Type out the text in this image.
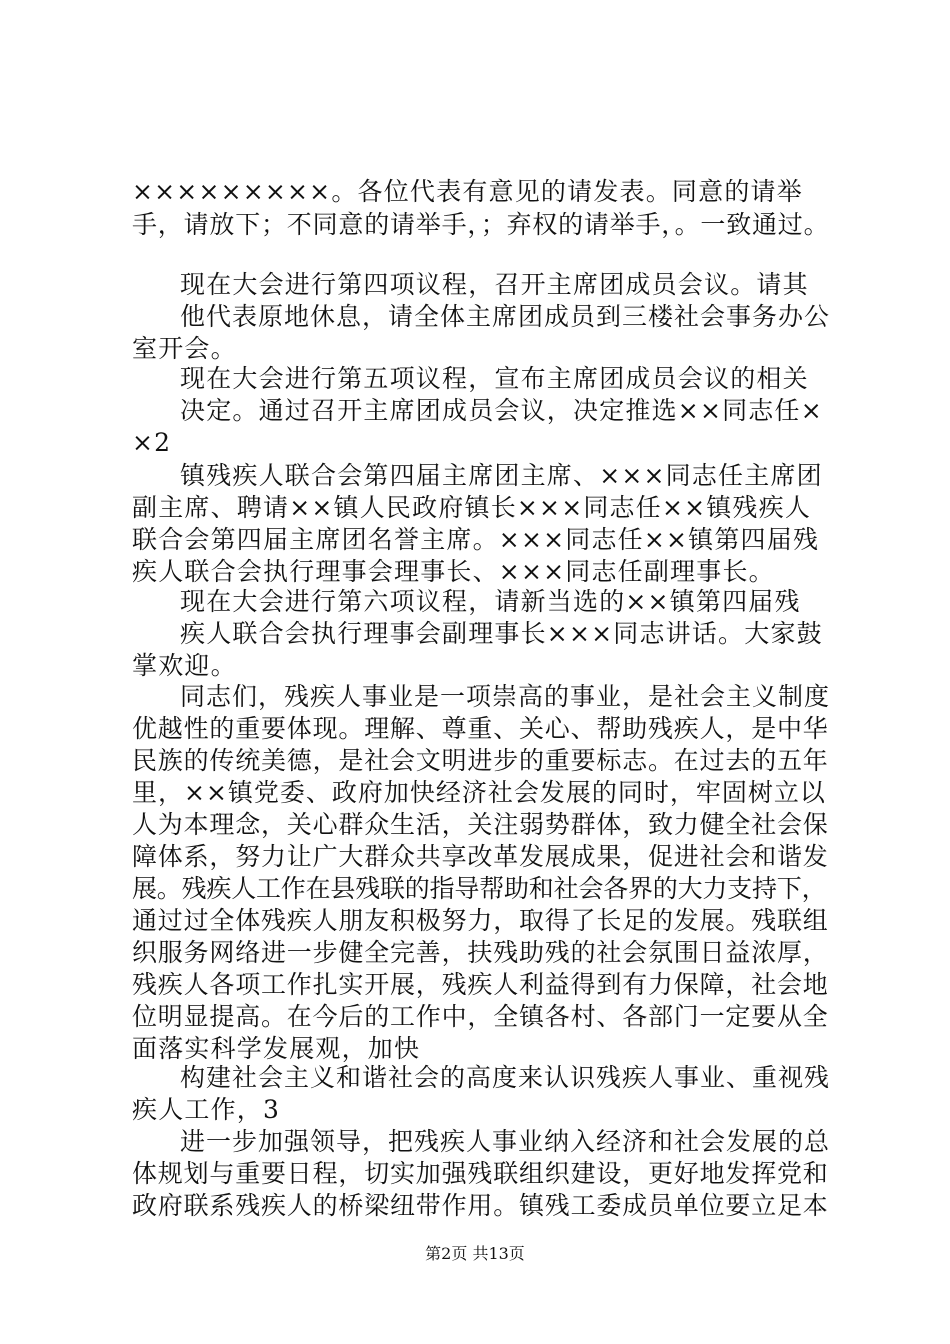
×××××××××。各位代表有意见的请发表。同意的请举
手，请放下；不同意的请举手，；弃权的请举手，。一致通过。
现在大会进行第四项议程，召开主席团成员会议。请其
他代表原地休息，请全体主席团成员到三楼社会事务办公
室开会。
现在大会进行第五项议程，宣布主席团成员会议的相关
决定。通过召开主席团成员会议，决定推选××同志任×
×2
镇残疾人联合会第四届主席团主席、×××同志任主席团
副主席、聘请××镇人民政府镇长×××同志任××镇残疾人
联合会第四届主席团名誉主席。×××同志任××镇第四届残
疾人联合会执行理事会理事长、×××同志任副理事长。
现在大会进行第六项议程，请新当选的××镇第四届残
疾人联合会执行理事会副理事长×××同志讲话。大家鼓
掌欢迎。
同志们，残疾人事业是一项崇高的事业，是社会主义制度
优越性的重要体现。理解、尊重、关心、帮助残疾人，是中华
民族的传统美德，是社会文明进步的重要标志。在过去的五年
里，××镇党委、政府加快经济社会发展的同时，牢固树立以
人为本理念，关心群众生活，关注弱势群体，致力健全社会保
障体系，努力让广大群众共享改革发展成果，促进社会和谐发
展。残疾人工作在县残联的指导帮助和社会各界的大力支持下，
通过过全体残疾人朋友积极努力，取得了长足的发展。残联组
织服务网络进一步健全完善，扶残助残的社会氛围日益浓厚，
残疾人各项工作扎实开展，残疾人利益得到有力保障，社会地
位明显提高。在今后的工作中，全镇各村、各部门一定要从全
面落实科学发展观，加快
构建社会主义和谐社会的高度来认识残疾人事业、重视残
疾人工作，3
进一步加强领导，把残疾人事业纳入经济和社会发展的总
体规划与重要日程，切实加强残联组织建设，更好地发挥党和
政府联系残疾人的桥梁纽带作用。镇残工委成员单位要立足本
第2页 共13页
